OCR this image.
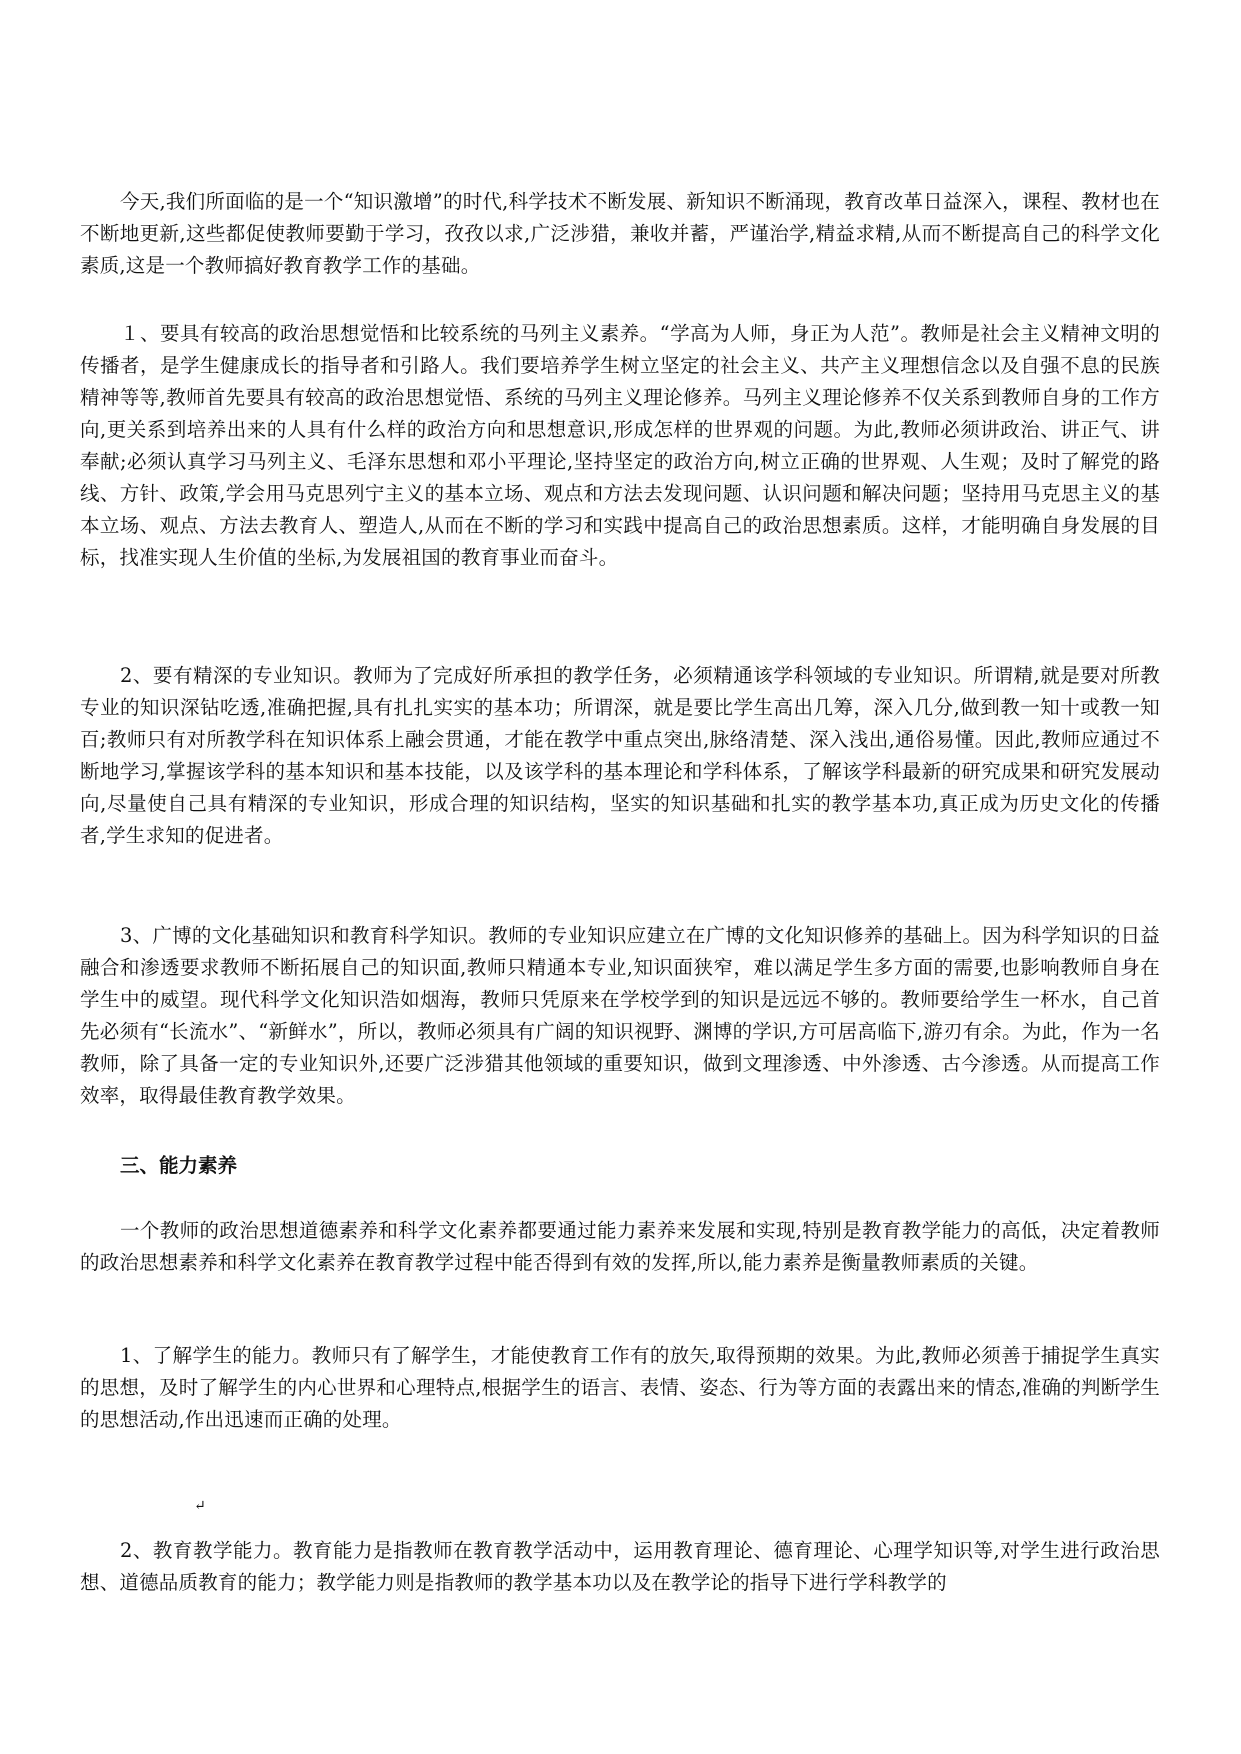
今天,我们所面临的是一个“知识激增”的时代,科学技术不断发展、新知识不断涌现，教育改革日益深入，课程、教材也在不断地更新,这些都促使教师要勤于学习，孜孜以求,广泛涉猎，兼收并蓄，严谨治学,精益求精,从而不断提高自己的科学文化素质,这是一个教师搞好教育教学工作的基础。

１、要具有较高的政治思想觉悟和比较系统的马列主义素养。“学高为人师，身正为人范”。教师是社会主义精神文明的传播者，是学生健康成长的指导者和引路人。我们要培养学生树立坚定的社会主义、共产主义理想信念以及自强不息的民族精神等等,教师首先要具有较高的政治思想觉悟、系统的马列主义理论修养。马列主义理论修养不仅关系到教师自身的工作方向,更关系到培养出来的人具有什么样的政治方向和思想意识,形成怎样的世界观的问题。为此,教师必须讲政治、讲正气、讲奉献;必须认真学习马列主义、毛泽东思想和邓小平理论,坚持坚定的政治方向,树立正确的世界观、人生观；及时了解党的路线、方针、政策,学会用马克思列宁主义的基本立场、观点和方法去发现问题、认识问题和解决问题；坚持用马克思主义的基本立场、观点、方法去教育人、塑造人,从而在不断的学习和实践中提高自己的政治思想素质。这样，才能明确自身发展的目标，找准实现人生价值的坐标,为发展祖国的教育事业而奋斗。

2、要有精深的专业知识。教师为了完成好所承担的教学任务，必须精通该学科领域的专业知识。所谓精,就是要对所教专业的知识深钻吃透,准确把握,具有扎扎实实的基本功；所谓深，就是要比学生高出几筹，深入几分,做到教一知十或教一知百;教师只有对所教学科在知识体系上融会贯通，才能在教学中重点突出,脉络清楚、深入浅出,通俗易懂。因此,教师应通过不断地学习,掌握该学科的基本知识和基本技能，以及该学科的基本理论和学科体系，了解该学科最新的研究成果和研究发展动向,尽量使自己具有精深的专业知识，形成合理的知识结构，坚实的知识基础和扎实的教学基本功,真正成为历史文化的传播者,学生求知的促进者。

3、广博的文化基础知识和教育科学知识。教师的专业知识应建立在广博的文化知识修养的基础上。因为科学知识的日益融合和渗透要求教师不断拓展自己的知识面,教师只精通本专业,知识面狭窄，难以满足学生多方面的需要,也影响教师自身在学生中的威望。现代科学文化知识浩如烟海，教师只凭原来在学校学到的知识是远远不够的。教师要给学生一杯水，自己首先必须有“长流水”、“新鲜水”，所以，教师必须具有广阔的知识视野、渊博的学识,方可居高临下,游刃有余。为此，作为一名教师，除了具备一定的专业知识外,还要广泛涉猎其他领域的重要知识，做到文理渗透、中外渗透、古今渗透。从而提高工作效率，取得最佳教育教学效果。

三、能力素养

一个教师的政治思想道德素养和科学文化素养都要通过能力素养来发展和实现,特别是教育教学能力的高低，决定着教师的政治思想素养和科学文化素养在教育教学过程中能否得到有效的发挥,所以,能力素养是衡量教师素质的关键。

1、了解学生的能力。教师只有了解学生，才能使教育工作有的放矢,取得预期的效果。为此,教师必须善于捕捉学生真实的思想，及时了解学生的内心世界和心理特点,根据学生的语言、表情、姿态、行为等方面的表露出来的情态,准确的判断学生的思想活动,作出迅速而正确的处理。

↵

2、教育教学能力。教育能力是指教师在教育教学活动中，运用教育理论、德育理论、心理学知识等,对学生进行政治思想、道德品质教育的能力；教学能力则是指教师的教学基本功以及在教学论的指导下进行学科教学的
